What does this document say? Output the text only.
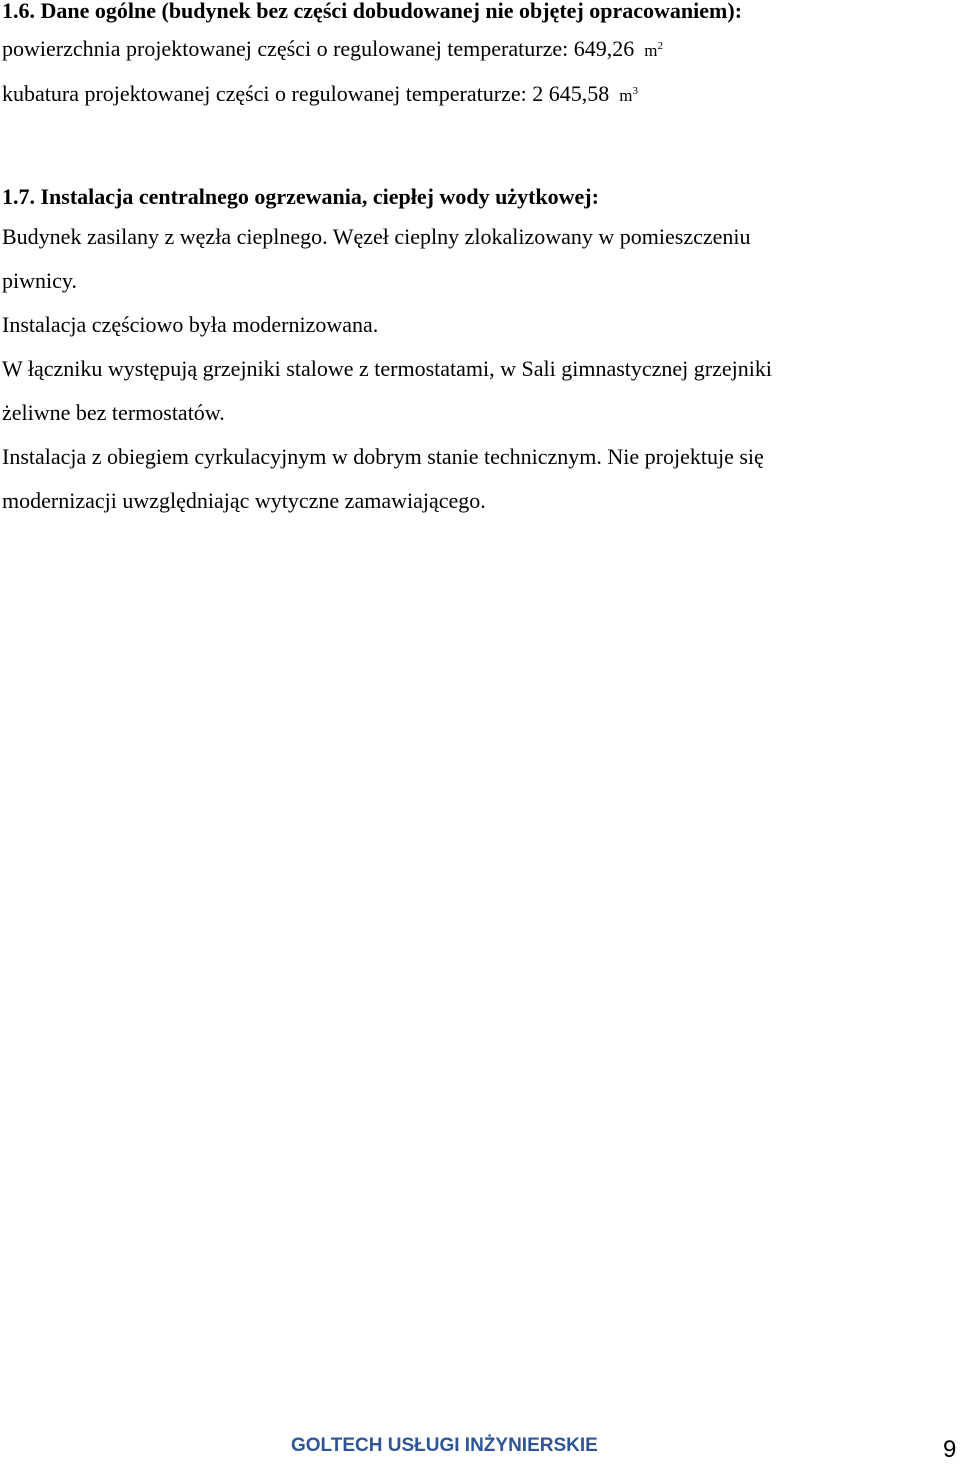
1.6. Dane ogólne (budynek bez części dobudowanej nie objętej opracowaniem):
powierzchnia projektowanej części o regulowanej temperaturze: 649,26 $m^2$
kubatura projektowanej części o regulowanej temperaturze: 2 645,58 $m^3$
1.7. Instalacja centralnego ogrzewania, ciepłej wody użytkowej:
Budynek zasilany z węzła cieplnego. Węzeł cieplny zlokalizowany w pomieszczeniu
piwnicy.
Instalacja częściowo była modernizowana.
W łączniku występują grzejniki stalowe z termostatami, w Sali gimnastycznej grzejniki
żeliwne bez termostatów.
Instalacja z obiegiem cyrkulacyjnym w dobrym stanie technicznym. Nie projektuje się
modernizacji uwzględniając wytyczne zamawiającego.
GOLTECH USŁUGI INŻYNIERSKIE	9
